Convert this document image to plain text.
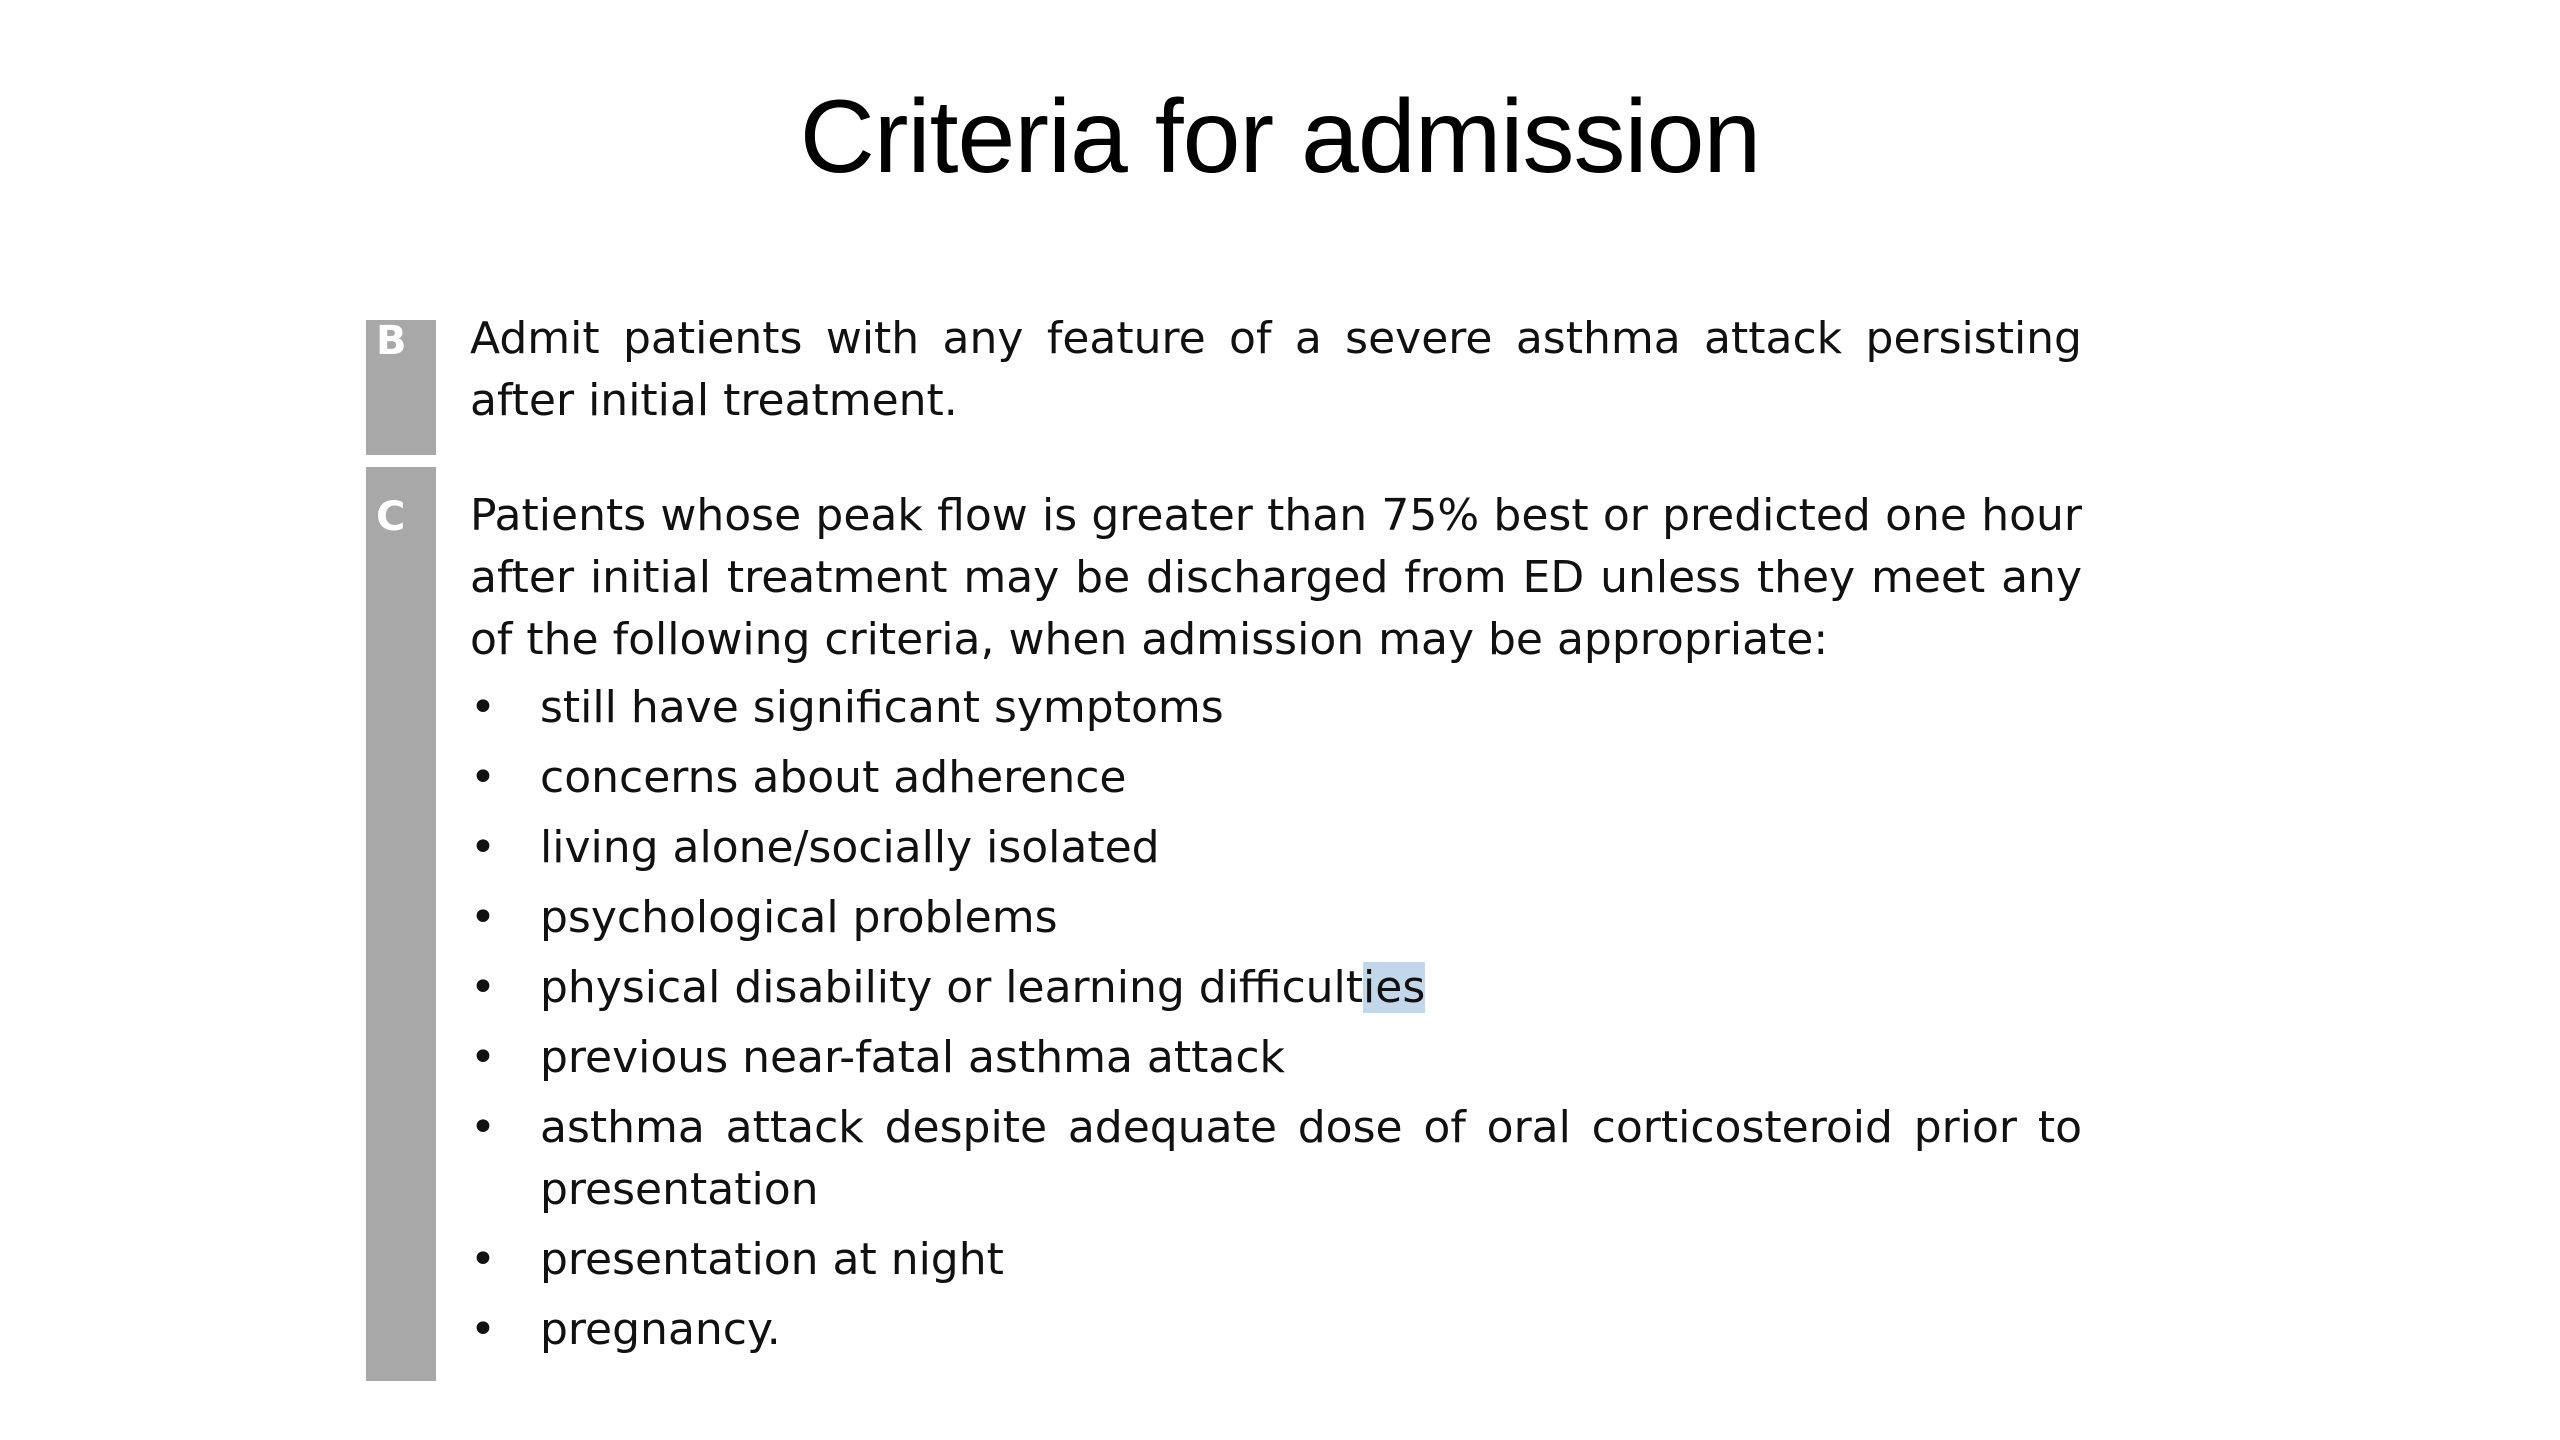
Criteria for admission
B	Admit patients with any feature of a severe asthma attack persisting after initial treatment.

C	Patients whose peak flow is greater than 75% best or predicted one hour after initial treatment may be discharged from ED unless they meet any of the following criteria, when admission may be appropriate:

• still have significant symptoms
• concerns about adherence
• living alone/socially isolated
• psychological problems
• physical disability or learning difficulties
• previous near-fatal asthma attack
• asthma attack despite adequate dose of oral corticosteroid prior to presentation
• presentation at night
• pregnancy.
